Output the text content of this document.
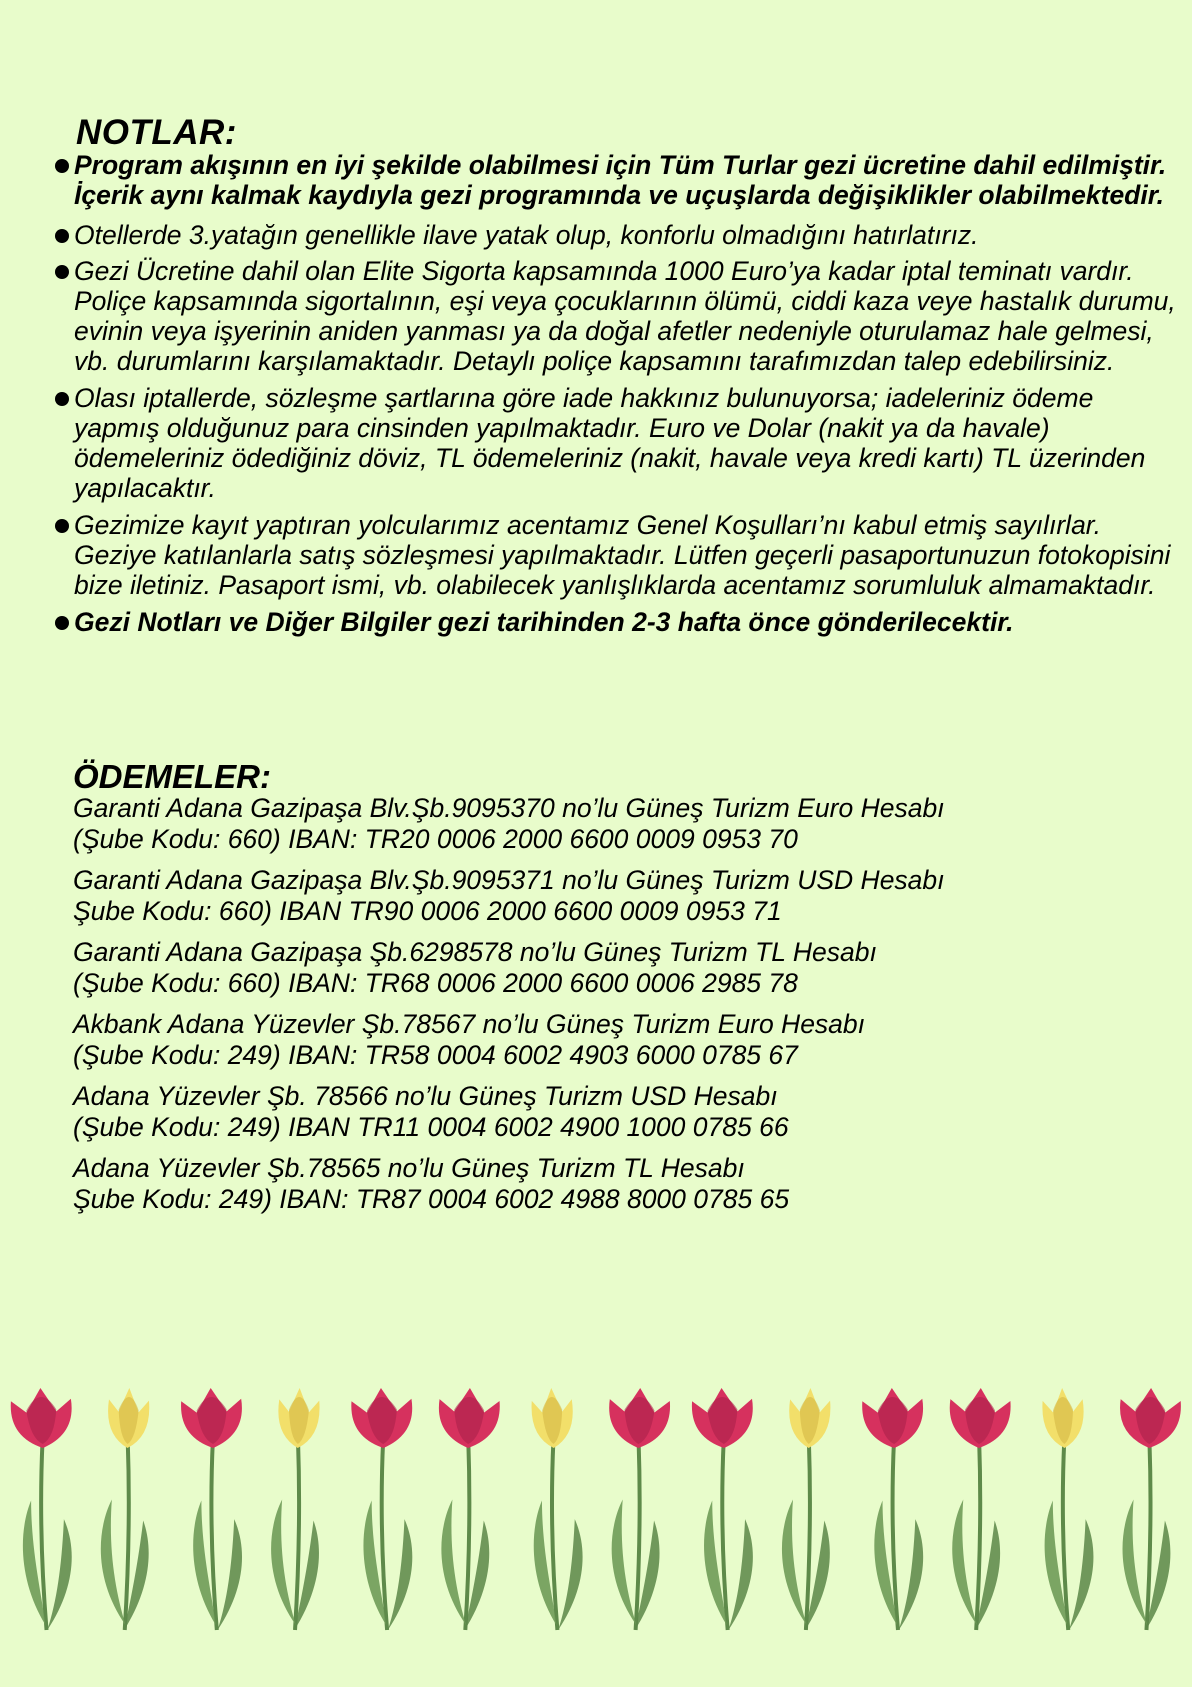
NOTLAR:
Program akışının en iyi şekilde olabilmesi için Tüm Turlar gezi ücretine dahil edilmiştir. İçerik aynı kalmak kaydıyla gezi programında ve uçuşlarda değişiklikler olabilmektedir.
Otellerde 3.yatağın genellikle ilave yatak olup, konforlu olmadığını hatırlatırız.
Gezi Ücretine dahil olan Elite Sigorta kapsamında 1000 Euro’ya kadar iptal teminatı vardır. Poliçe kapsamında sigortalının, eşi veya çocuklarının ölümü, ciddi kaza veye hastalık durumu, evinin veya işyerinin aniden yanması ya da doğal afetler nedeniyle oturulamaz hale gelmesi, vb. durumlarını karşılamaktadır. Detaylı poliçe kapsamını tarafımızdan talep edebilirsiniz.
Olası iptallerde, sözleşme şartlarına göre iade hakkınız bulunuyorsa; iadeleriniz ödeme yapmış olduğunuz para cinsinden yapılmaktadır. Euro ve Dolar (nakit ya da havale) ödemeleriniz ödediğiniz döviz, TL ödemeleriniz (nakit, havale veya kredi kartı) TL üzerinden yapılacaktır.
Gezimize kayıt yaptıran yolcularımız acentamız Genel Koşulları’nı kabul etmiş sayılırlar. Geziye katılanlarla satış sözleşmesi yapılmaktadır. Lütfen geçerli pasaportunuzun fotokopisini bize iletiniz. Pasaport ismi, vb. olabilecek yanlışlıklarda acentamız sorumluluk almamaktadır.
Gezi Notları ve Diğer Bilgiler gezi tarihinden 2-3 hafta önce gönderilecektir.
ÖDEMELER:
Garanti Adana Gazipaşa Blv.Şb.9095370 no’lu Güneş Turizm Euro Hesabı
(Şube Kodu: 660) IBAN: TR20 0006 2000 6600 0009 0953 70
Garanti Adana Gazipaşa Blv.Şb.9095371 no’lu Güneş Turizm USD Hesabı
Şube Kodu: 660) IBAN TR90 0006 2000 6600 0009 0953 71
Garanti Adana Gazipaşa Şb.6298578 no’lu Güneş Turizm TL Hesabı
(Şube Kodu: 660) IBAN: TR68 0006 2000 6600 0006 2985 78
Akbank Adana Yüzevler Şb.78567 no’lu Güneş Turizm Euro Hesabı
(Şube Kodu: 249) IBAN: TR58 0004 6002 4903 6000 0785 67
Adana Yüzevler Şb. 78566 no’lu Güneş Turizm USD Hesabı
(Şube Kodu: 249) IBAN TR11 0004 6002 4900 1000 0785 66
Adana Yüzevler Şb.78565 no’lu Güneş Turizm TL Hesabı
Şube Kodu: 249) IBAN: TR87 0004 6002 4988 8000 0785 65
